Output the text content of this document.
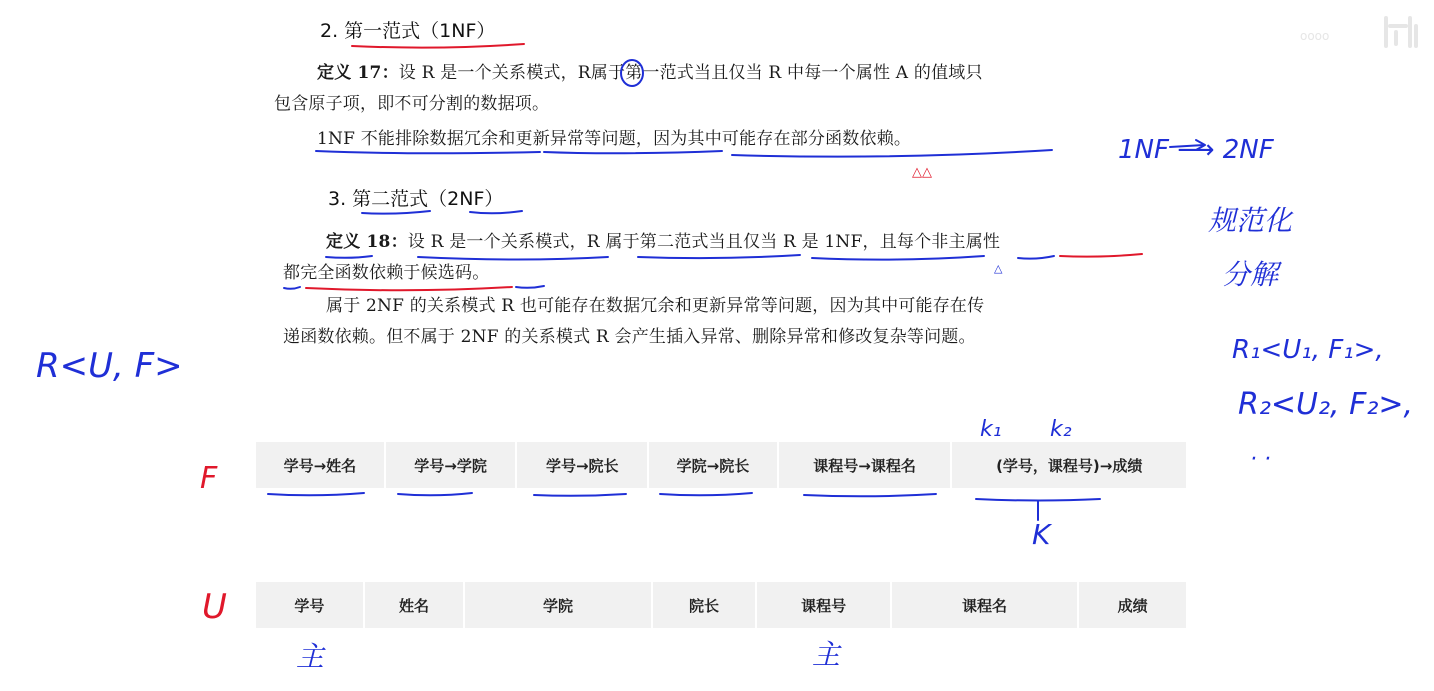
2. 第一范式（1NF）
定义 17：设 R 是一个关系模式，R属于第一范式当且仅当 R 中每一个属性 A 的值域只
包含原子项，即不可分割的数据项。
1NF 不能排除数据冗余和更新异常等问题，因为其中可能存在部分函数依赖。
3. 第二范式（2NF）
定义 18：设 R 是一个关系模式，R 属于第二范式当且仅当 R 是 1NF，且每个非主属性
都完全函数依赖于候选码。
属于 2NF 的关系模式 R 也可能存在数据冗余和更新异常等问题，因为其中可能存在传
递函数依赖。但不属于 2NF 的关系模式 R 会产生插入异常、删除异常和修改复杂等问题。
学号→姓名	学号→学院	学号→院长	学院→院长	课程号→课程名	(学号，课程号)→成绩
学号	姓名	学院	院长	课程号	课程名	成绩
oooo
1NF ⟶ 2NF
规范化
分解
R₁<U₁, F₁>,
R₂<U₂, F₂>,
· ·
R<U, F>
F
U
k₁ k₂
K
主	主
△△
△
